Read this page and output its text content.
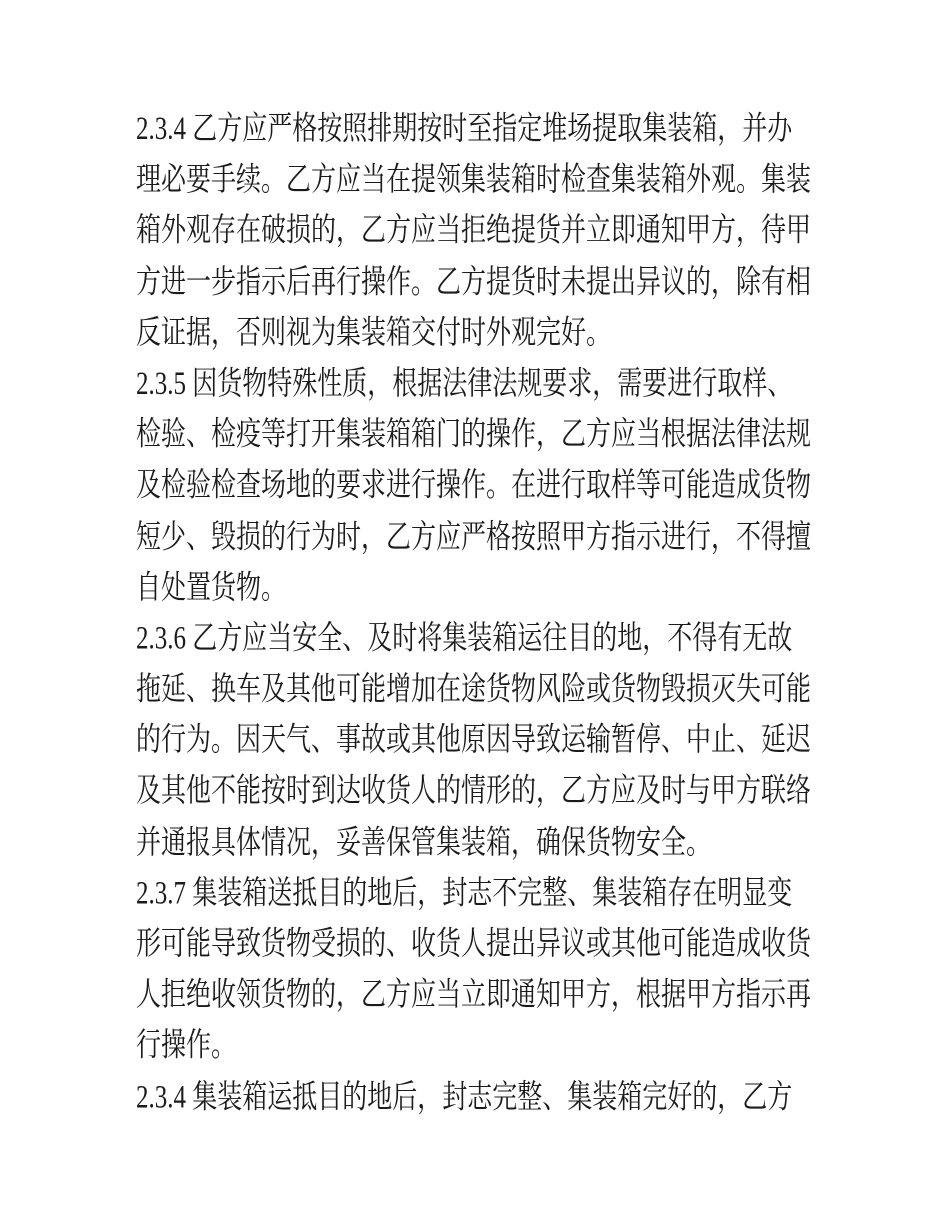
2.3.4 乙方应严格按照排期按时至指定堆场提取集装箱，并办
理必要手续。乙方应当在提领集装箱时检查集装箱外观。集装
箱外观存在破损的，乙方应当拒绝提货并立即通知甲方，待甲
方进一步指示后再行操作。乙方提货时未提出异议的，除有相
反证据，否则视为集装箱交付时外观完好。
2.3.5 因货物特殊性质，根据法律法规要求，需要进行取样、
检验、检疫等打开集装箱箱门的操作，乙方应当根据法律法规
及检验检查场地的要求进行操作。在进行取样等可能造成货物
短少、毁损的行为时，乙方应严格按照甲方指示进行，不得擅
自处置货物。
2.3.6 乙方应当安全、及时将集装箱运往目的地，不得有无故
拖延、换车及其他可能增加在途货物风险或货物毁损灭失可能
的行为。因天气、事故或其他原因导致运输暂停、中止、延迟
及其他不能按时到达收货人的情形的，乙方应及时与甲方联络
并通报具体情况，妥善保管集装箱，确保货物安全。
2.3.7 集装箱送抵目的地后，封志不完整、集装箱存在明显变
形可能导致货物受损的、收货人提出异议或其他可能造成收货
人拒绝收领货物的，乙方应当立即通知甲方，根据甲方指示再
行操作。
2.3.4 集装箱运抵目的地后，封志完整、集装箱完好的，乙方
